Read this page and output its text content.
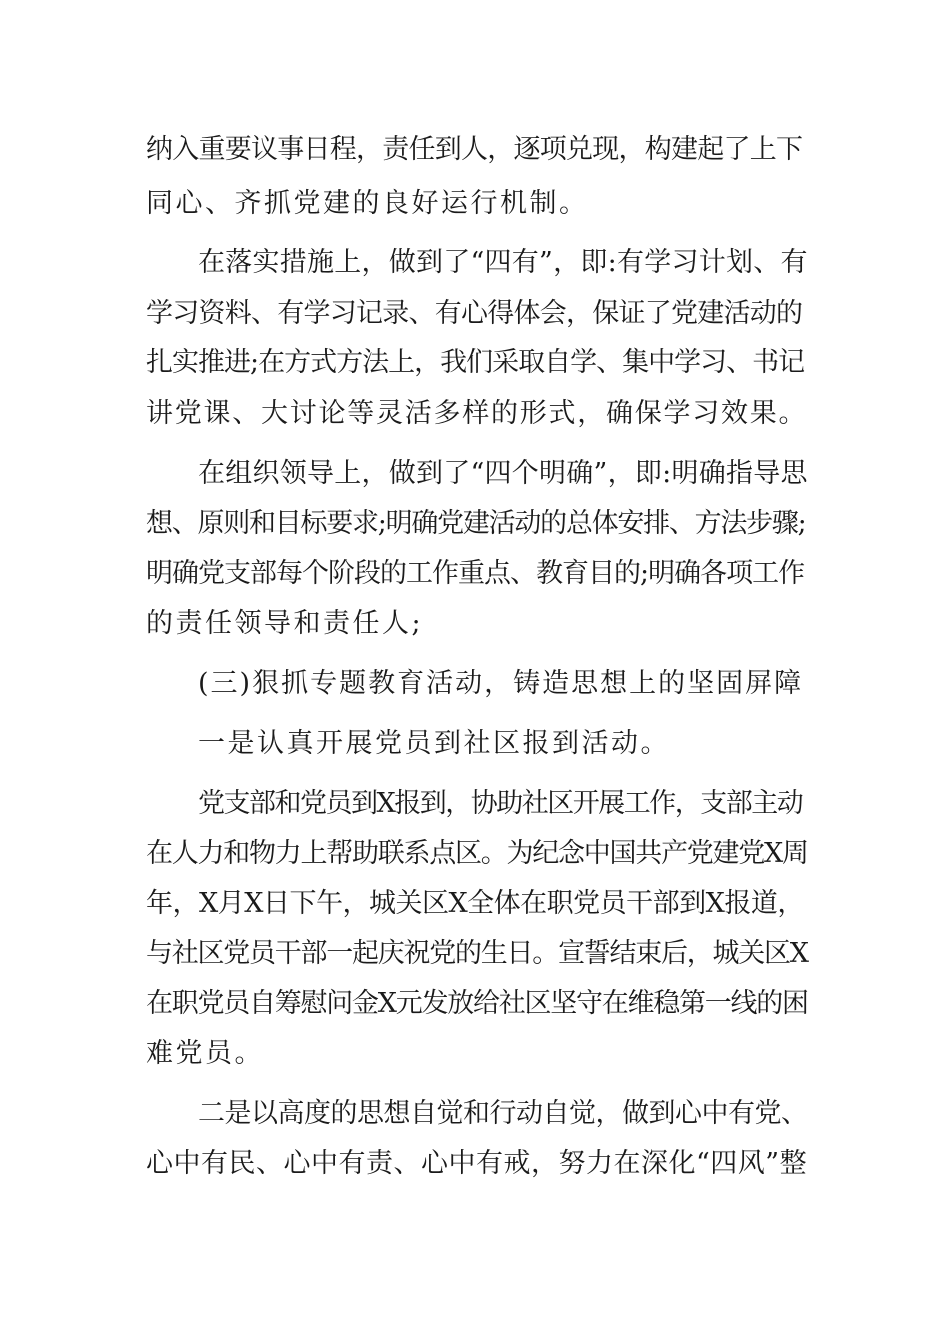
纳入重要议事日程，责任到人，逐项兑现，构建起了上下
同心、齐抓党建的良好运行机制。
在落实措施上，做到了“四有”，即:有学习计划、有
学习资料、有学习记录、有心得体会，保证了党建活动的
扎实推进;在方式方法上，我们采取自学、集中学习、书记
讲党课、大讨论等灵活多样的形式，确保学习效果。
在组织领导上，做到了“四个明确”，即:明确指导思
想、原则和目标要求;明确党建活动的总体安排、方法步骤;
明确党支部每个阶段的工作重点、教育目的;明确各项工作
的责任领导和责任人;
(三)狠抓专题教育活动，铸造思想上的坚固屏障
一是认真开展党员到社区报到活动。
党支部和党员到X报到，协助社区开展工作，支部主动
在人力和物力上帮助联系点区。为纪念中国共产党建党X周
年，X月X日下午，城关区X全体在职党员干部到X报道，
与社区党员干部一起庆祝党的生日。宣誓结束后，城关区X
在职党员自筹慰问金X元发放给社区坚守在维稳第一线的困
难党员。
二是以高度的思想自觉和行动自觉，做到心中有党、
心中有民、心中有责、心中有戒，努力在深化“四风”整
